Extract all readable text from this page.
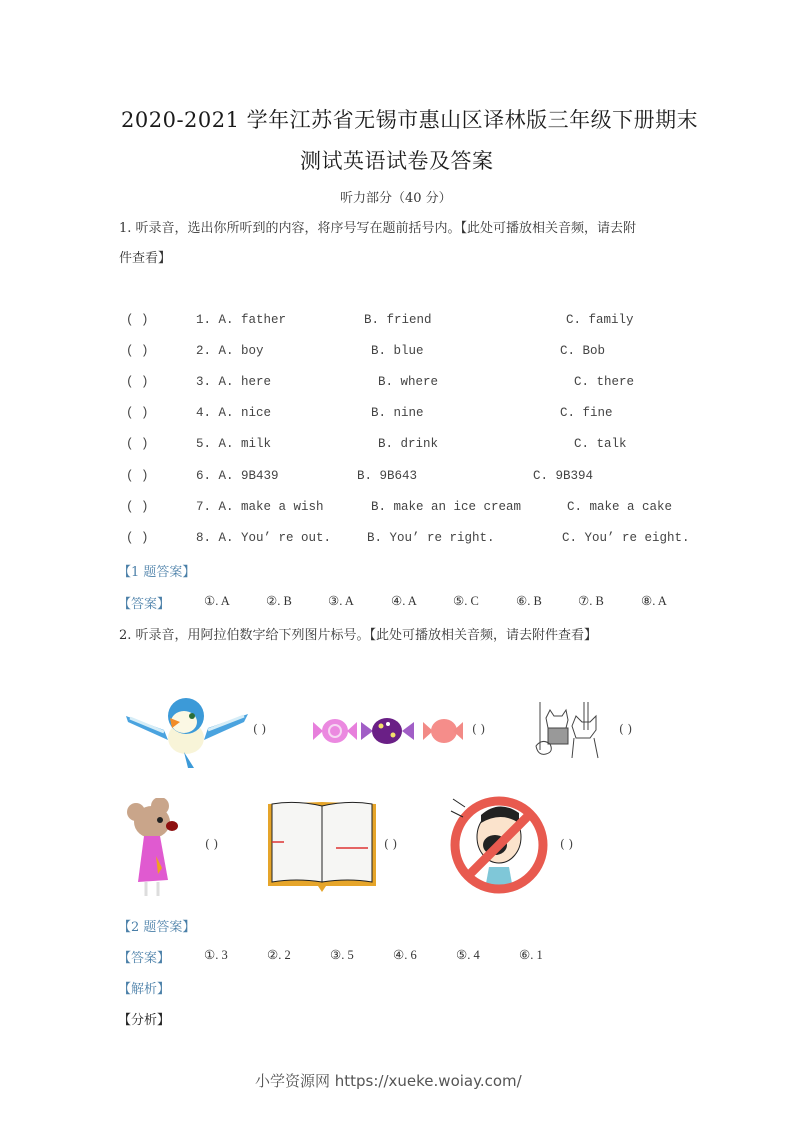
2020-2021 学年江苏省无锡市惠山区译林版三年级下册期末
测试英语试卷及答案
听力部分（40 分）
1. 听录音，选出你所听到的内容，将序号写在题前括号内。【此处可播放相关音频，请去附
件查看】
( )	1. A. father	B. friend	C. family
( )	2. A. boy	B. blue	C. Bob
( )	3. A. here	B. where	C. there
( )	4. A. nice	B. nine	C. fine
( )	5. A. milk	B. drink	C. talk
( )	6. A. 9B439	B. 9B643	C. 9B394
( )	7. A. make a wish	B. make an ice cream	C. make a cake
( )	8. A. You’ re out.	B. You’ re right.	C. You’ re eight.
【1 题答案】
【答案】	①. A	②. B	③. A	④. A	⑤. C	⑥. B	⑦. B	⑧. A
2. 听录音，用阿拉伯数字给下列图片标号。【此处可播放相关音频，请去附件查看】
( )	( )	( )
( )	( )	( )
【2 题答案】
【答案】	①. 3	②. 2	③. 5	④. 6	⑤. 4	⑥. 1
【解析】
【分析】
小学资源网 https://xueke.woiay.com/
